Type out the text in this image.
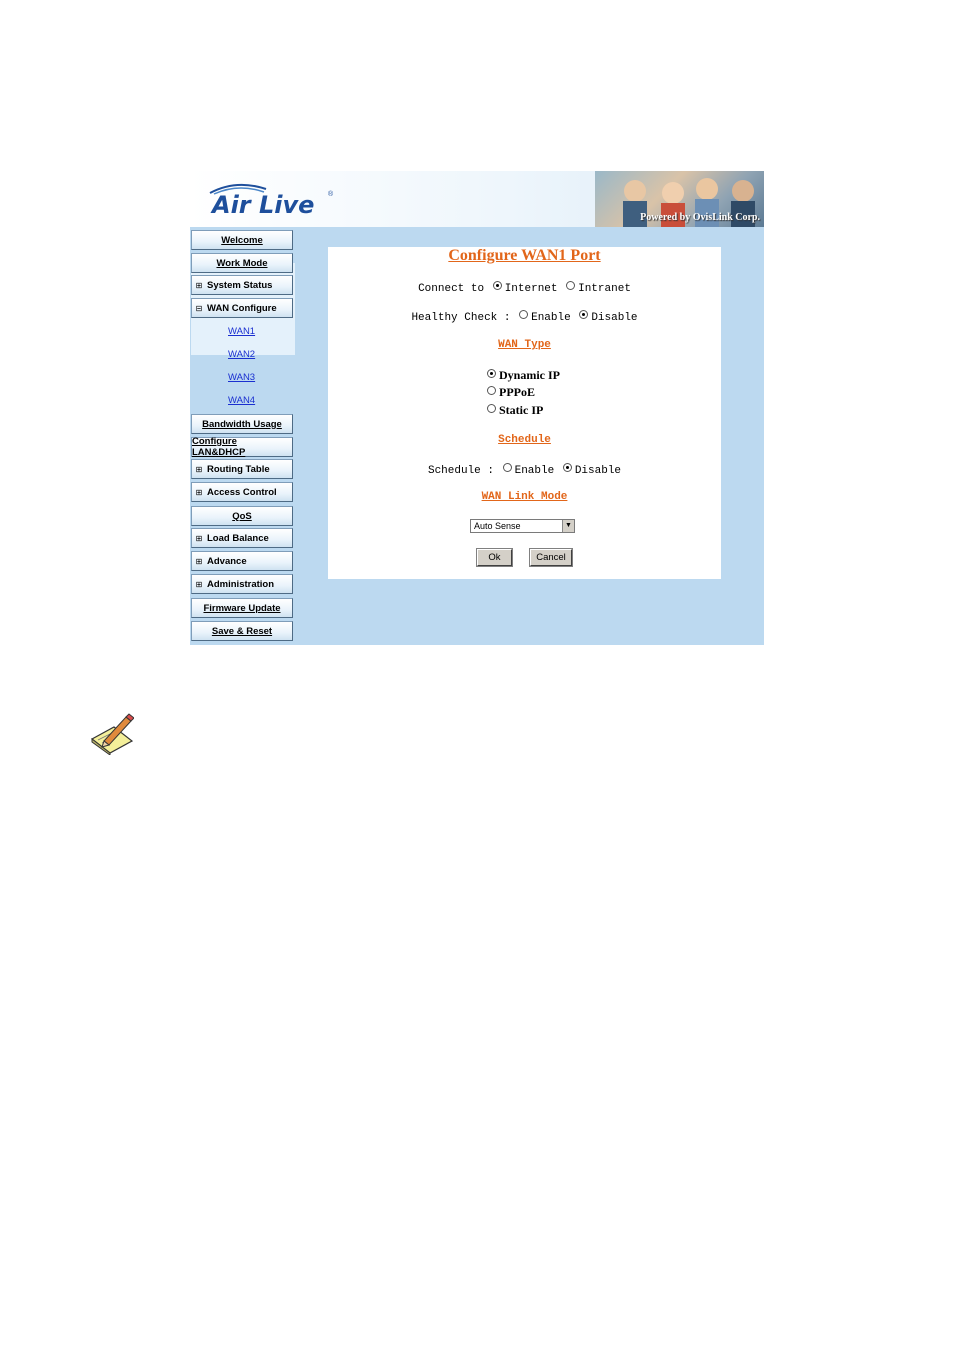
Air Live ®
Powered by OvisLink Corp.
Welcome
Work Mode
⊞ System Status
⊟ WAN Configure
WAN1
WAN2
WAN3
WAN4
Bandwidth Usage
Configure LAN&DHCP
⊞ Routing Table
⊞ Access Control
QoS
⊞ Load Balance
⊞ Advance
⊞ Administration
Firmware Update
Save & Reset
Configure WAN1 Port
Connect to Internet Intranet
Healthy Check : Enable Disable
WAN Type
Dynamic IP
PPPoE
Static IP
Schedule
Schedule : Enable Disable
WAN Link Mode
Auto Sense	▼
Ok	Cancel
